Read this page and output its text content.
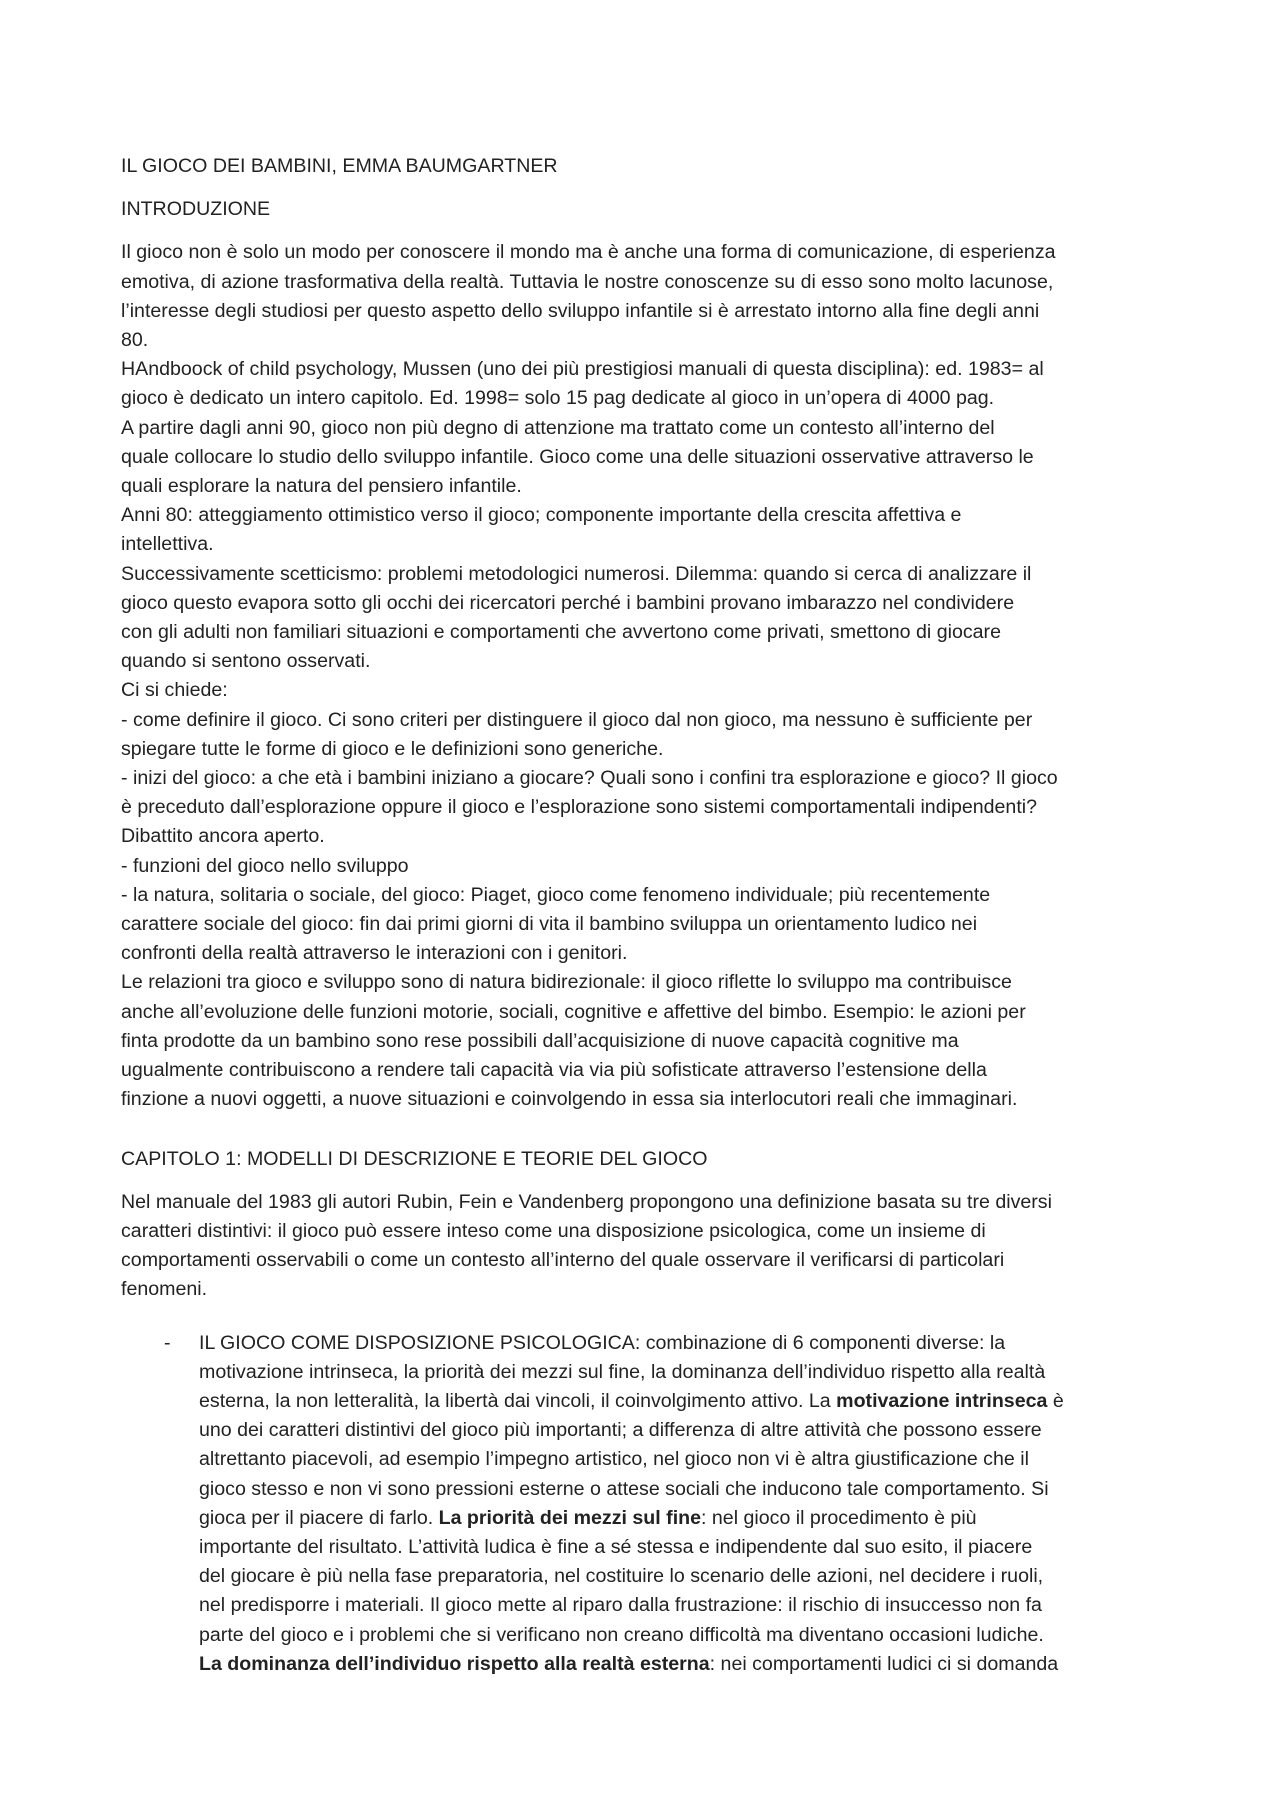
IL GIOCO DEI BAMBINI, EMMA BAUMGARTNER
INTRODUZIONE
Il gioco non è solo un modo per conoscere il mondo ma è anche una forma di comunicazione, di esperienza
emotiva, di azione trasformativa della realtà. Tuttavia le nostre conoscenze su di esso sono molto lacunose,
l’interesse degli studiosi per questo aspetto dello sviluppo infantile si è arrestato intorno alla fine degli anni
80.
HAndboock of child psychology, Mussen (uno dei più prestigiosi manuali di questa disciplina): ed. 1983= al
gioco è dedicato un intero capitolo. Ed. 1998= solo 15 pag dedicate al gioco in un’opera di 4000 pag.
A partire dagli anni 90, gioco non più degno di attenzione ma trattato come un contesto all’interno del
quale collocare lo studio dello sviluppo infantile. Gioco come una delle situazioni osservative attraverso le
quali esplorare la natura del pensiero infantile.
Anni 80: atteggiamento ottimistico verso il gioco; componente importante della crescita affettiva e
intellettiva.
Successivamente scetticismo: problemi metodologici numerosi. Dilemma: quando si cerca di analizzare il
gioco questo evapora sotto gli occhi dei ricercatori perché i bambini provano imbarazzo nel condividere
con gli adulti non familiari situazioni e comportamenti che avvertono come privati, smettono di giocare
quando si sentono osservati.
Ci si chiede:
- come definire il gioco. Ci sono criteri per distinguere il gioco dal non gioco, ma nessuno è sufficiente per
spiegare tutte le forme di gioco e le definizioni sono generiche.
- inizi del gioco: a che età i bambini iniziano a giocare? Quali sono i confini tra esplorazione e gioco? Il gioco
è preceduto dall’esplorazione oppure il gioco e l’esplorazione sono sistemi comportamentali indipendenti?
Dibattito ancora aperto.
- funzioni del gioco nello sviluppo
- la natura, solitaria o sociale, del gioco: Piaget, gioco come fenomeno individuale; più recentemente
carattere sociale del gioco: fin dai primi giorni di vita il bambino sviluppa un orientamento ludico nei
confronti della realtà attraverso le interazioni con i genitori.
Le relazioni tra gioco e sviluppo sono di natura bidirezionale: il gioco riflette lo sviluppo ma contribuisce
anche all’evoluzione delle funzioni motorie, sociali, cognitive e affettive del bimbo. Esempio: le azioni per
finta prodotte da un bambino sono rese possibili dall’acquisizione di nuove capacità cognitive ma
ugualmente contribuiscono a rendere tali capacità via via più sofisticate attraverso l’estensione della
finzione a nuovi oggetti, a nuove situazioni e coinvolgendo in essa sia interlocutori reali che immaginari.
CAPITOLO 1: MODELLI DI DESCRIZIONE E TEORIE DEL GIOCO
Nel manuale del 1983 gli autori Rubin, Fein e Vandenberg propongono una definizione basata su tre diversi
caratteri distintivi: il gioco può essere inteso come una disposizione psicologica, come un insieme di
comportamenti osservabili o come un contesto all’interno del quale osservare il verificarsi di particolari
fenomeni.
- IL GIOCO COME DISPOSIZIONE PSICOLOGICA: combinazione di 6 componenti diverse: la
motivazione intrinseca, la priorità dei mezzi sul fine, la dominanza dell’individuo rispetto alla realtà
esterna, la non letteralità, la libertà dai vincoli, il coinvolgimento attivo. La motivazione intrinseca è
uno dei caratteri distintivi del gioco più importanti; a differenza di altre attività che possono essere
altrettanto piacevoli, ad esempio l’impegno artistico, nel gioco non vi è altra giustificazione che il
gioco stesso e non vi sono pressioni esterne o attese sociali che inducono tale comportamento. Si
gioca per il piacere di farlo. La priorità dei mezzi sul fine: nel gioco il procedimento è più
importante del risultato. L’attività ludica è fine a sé stessa e indipendente dal suo esito, il piacere
del giocare è più nella fase preparatoria, nel costituire lo scenario delle azioni, nel decidere i ruoli,
nel predisporre i materiali. Il gioco mette al riparo dalla frustrazione: il rischio di insuccesso non fa
parte del gioco e i problemi che si verificano non creano difficoltà ma diventano occasioni ludiche.
La dominanza dell’individuo rispetto alla realtà esterna: nei comportamenti ludici ci si domanda
